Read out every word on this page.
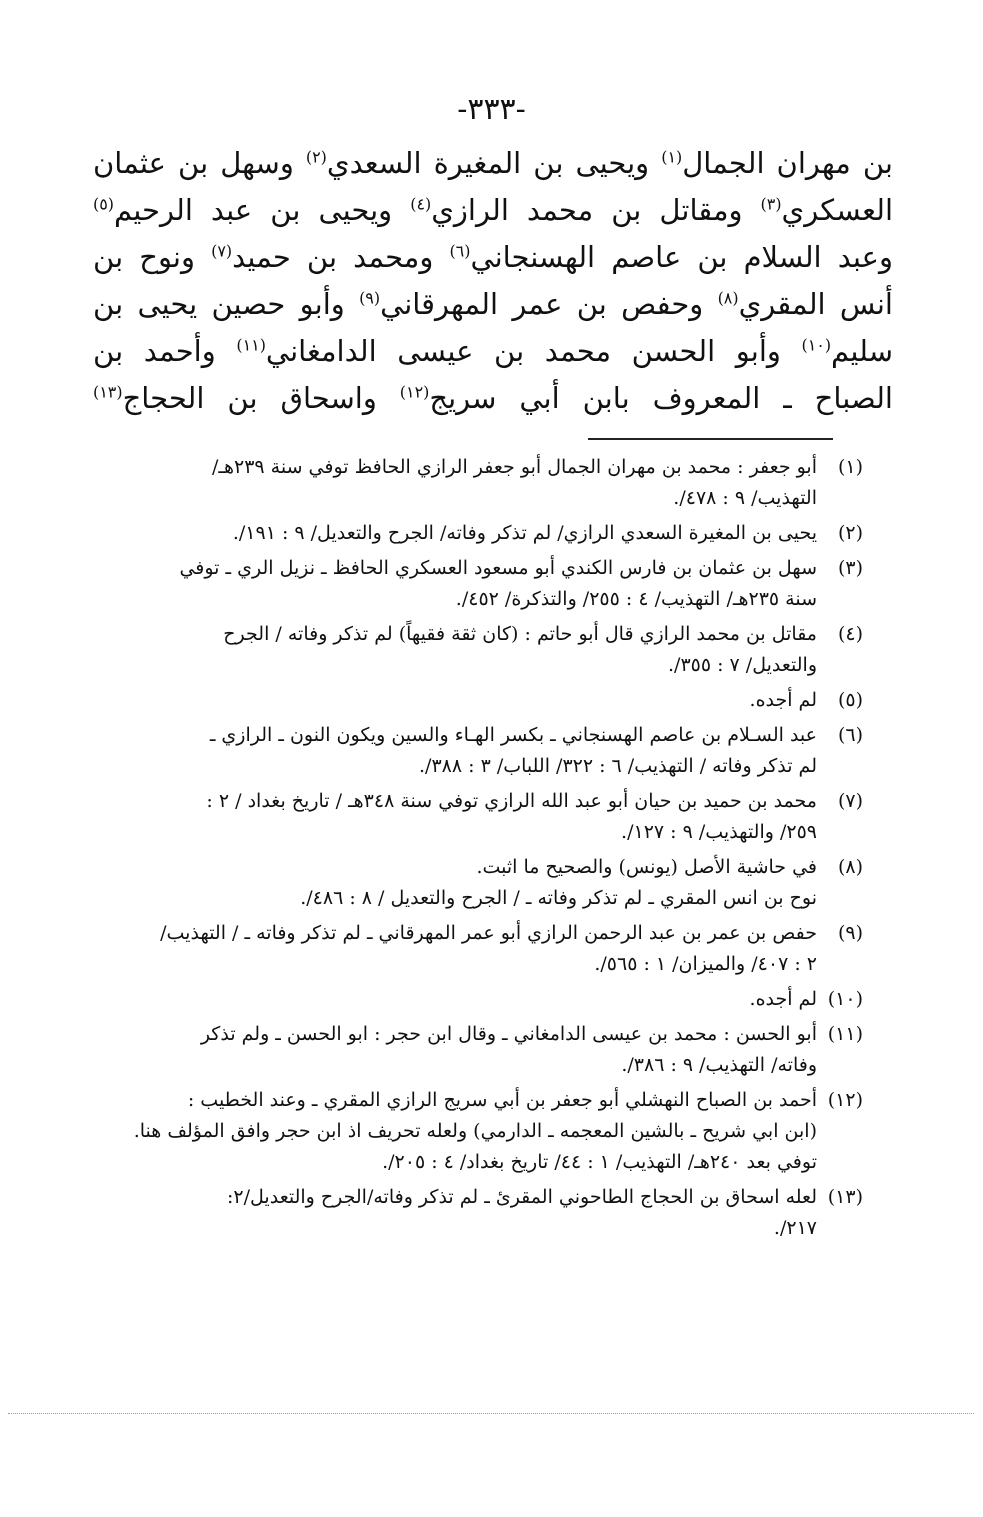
-٣٣٣-
بن مهران الجمال$^{(١)}$ ويحيى بن المغيرة السعدي$^{(٢)}$ وسهل بن عثمان
العسكري$^{(٣)}$ ومقاتل بن محمد الرازي$^{(٤)}$ ويحيى بن عبد الرحيم$^{(٥)}$
وعبد السلام بن عاصم الهسنجاني$^{(٦)}$ ومحمد بن حميد$^{(٧)}$ ونوح بن
أنس المقري$^{(٨)}$ وحفص بن عمر المهرقاني$^{(٩)}$ وأبو حصين يحيى بن
سليم$^{(١٠)}$ وأبو الحسن محمد بن عيسى الدامغاني$^{(١١)}$ وأحمد بن
الصباح ـ المعروف بابن أبي سريج$^{(١٢)}$ واسحاق بن الحجاج$^{(١٣)}$
(١)أبو جعفر : محمد بن مهران الجمال أبو جعفر الرازي الحافظ توفي سنة ٢٣٩هـ/
التهذيب/ ٩ : ٤٧٨/.
(٢)يحيى بن المغيرة السعدي الرازي/ لم تذكر وفاته/ الجرح والتعديل/ ٩ : ١٩١/.
(٣)سهل بن عثمان بن فارس الكندي أبو مسعود العسكري الحافظ ـ نزيل الري ـ توفي
سنة ٢٣٥هـ/ التهذيب/ ٤ : ٢٥٥/ والتذكرة/ ٤٥٢/.
(٤)مقاتل بن محمد الرازي قال أبو حاتم : (كان ثقة فقيهاً) لم تذكر وفاته / الجرح
والتعديل/ ٧ : ٣٥٥/.
(٥)لم أجده.
(٦)عبد السـلام بن عاصم الهسنجاني ـ بكسر الهـاء والسين ويكون النون ـ الرازي ـ
لم تذكر وفاته / التهذيب/ ٦ : ٣٢٢/ اللباب/ ٣ : ٣٨٨/.
(٧)محمد بن حميد بن حيان أبو عبد الله الرازي توفي سنة ٣٤٨هـ / تاريخ بغداد / ٢ :
٢٥٩/ والتهذيب/ ٩ : ١٢٧/.
(٨)في حاشية الأصل (يونس) والصحيح ما اثبت.
نوح بن انس المقري ـ لم تذكر وفاته ـ / الجرح والتعديل / ٨ : ٤٨٦/.
(٩)حفص بن عمر بن عبد الرحمن الرازي أبو عمر المهرقاني ـ لم تذكر وفاته ـ / التهذيب/
٢ : ٤٠٧/ والميزان/ ١ : ٥٦٥/.
(١٠)لم أجده.
(١١)أبو الحسن : محمد بن عيسى الدامغاني ـ وقال ابن حجر : ابو الحسن ـ ولم تذكر
وفاته/ التهذيب/ ٩ : ٣٨٦/.
(١٢)أحمد بن الصباح النهشلي أبو جعفر بن أبي سريج الرازي المقري ـ وعند الخطيب :
(ابن ابي شريح ـ بالشين المعجمه ـ الدارمي) ولعله تحريف اذ ابن حجر وافق المؤلف هنا.
توفي بعد ٢٤٠هـ/ التهذيب/ ١ : ٤٤/ تاريخ بغداد/ ٤ : ٢٠٥/.
(١٣)لعله اسحاق بن الحجاج الطاحوني المقرئ ـ لم تذكر وفاته/الجرح والتعديل/٢:
٢١٧/.
